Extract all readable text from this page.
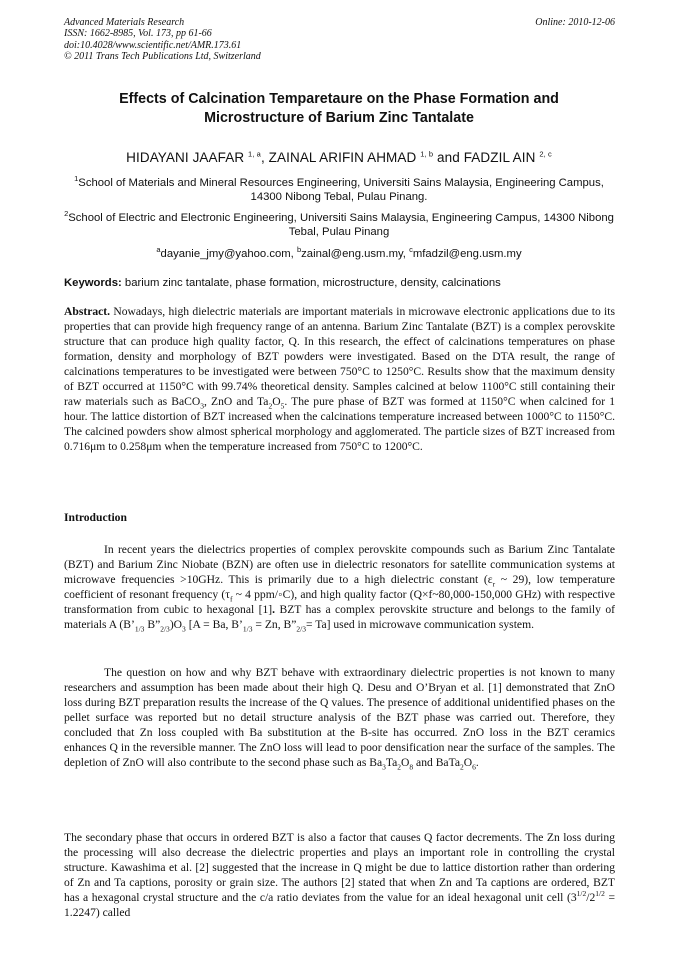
Advanced Materials Research
ISSN: 1662-8985, Vol. 173, pp 61-66
doi:10.4028/www.scientific.net/AMR.173.61
© 2011 Trans Tech Publications Ltd, Switzerland
Online: 2010-12-06
Effects of Calcination Temparetaure on the Phase Formation and
Microstructure of Barium Zinc Tantalate
HIDAYANI JAAFAR $^{1, a}$, ZAINAL ARIFIN AHMAD $^{1, b}$ and FADZIL AIN $^{2, c}$
$^1$School of Materials and Mineral Resources Engineering, Universiti Sains Malaysia, Engineering Campus, 14300 Nibong Tebal, Pulau Pinang.
$^2$School of Electric and Electronic Engineering, Universiti Sains Malaysia, Engineering Campus, 14300 Nibong Tebal, Pulau Pinang
$^a$dayanie_jmy@yahoo.com, $^b$zainal@eng.usm.my, $^c$mfadzil@eng.usm.my
Keywords: barium zinc tantalate, phase formation, microstructure, density, calcinations
Abstract. Nowadays, high dielectric materials are important materials in microwave electronic applications due to its properties that can provide high frequency range of an antenna. Barium Zinc Tantalate (BZT) is a complex perovskite structure that can produce high quality factor, Q. In this research, the effect of calcinations temperatures on phase formation, density and morphology of BZT powders were investigated. Based on the DTA result, the range of calcinations temperatures to be investigated were between 750°C to 1250°C. Results show that the maximum density of BZT occurred at 1150°C with 99.74% theoretical density. Samples calcined at below 1100°C still containing their raw materials such as BaCO$_3$, ZnO and $Ta_2O_5$. The pure phase of BZT was formed at 1150°C when calcined for 1 hour. The lattice distortion of BZT increased when the calcinations temperature increased between 1000°C to 1150°C. The calcined powders show almost spherical morphology and agglomerated. The particle sizes of BZT increased from 0.716μm to 0.258μm when the temperature increased from 750°C to 1200°C.
Introduction
In recent years the dielectrics properties of complex perovskite compounds such as Barium Zinc Tantalate (BZT) and Barium Zinc Niobate (BZN) are often use in dielectric resonators for satellite communication systems at microwave frequencies >10GHz. This is primarily due to a high dielectric constant ($\varepsilon_r$ ~ 29), low temperature coefficient of resonant frequency ($\tau_f$ ~ 4 ppm/◦C), and high quality factor (Q×f~80,000-150,000 GHz) with respective transformation from cubic to hexagonal [1]. BZT has a complex perovskite structure and belongs to the family of materials A ($B’_{1/3}$ $B”_{2/3})O_3$ [A = Ba, $B’_{1/3} = Zn$, $B”_{2/3}= Ta$] used in microwave communication system.
The question on how and why BZT behave with extraordinary dielectric properties is not known to many researchers and assumption has been made about their high Q. Desu and O’Bryan et al. [1] demonstrated that ZnO loss during BZT preparation results the increase of the Q values. The presence of additional unidentified phases on the pellet surface was reported but no detail structure analysis of the BZT phase was carried out. Therefore, they concluded that Zn loss coupled with Ba substitution at the B-site has occurred. ZnO loss in the BZT ceramics enhances Q in the reversible manner. The ZnO loss will lead to poor densification near the surface of the samples. The depletion of ZnO will also contribute to the second phase such as $Ba_3Ta_2O_8$ and $BaTa_2O_6$.
The secondary phase that occurs in ordered BZT is also a factor that causes Q factor decrements. The Zn loss during the processing will also decrease the dielectric properties and plays an important role in controlling the crystal structure. Kawashima et al. [2] suggested that the increase in Q might be due to lattice distortion rather than ordering of Zn and Ta captions, porosity or grain size. The authors [2] stated that when Zn and Ta captions are ordered, BZT has a hexagonal crystal structure and the c/a ratio deviates from the value for an ideal hexagonal unit cell $(3^{1/2}/2^{1/2} = 1.2247)$ called
